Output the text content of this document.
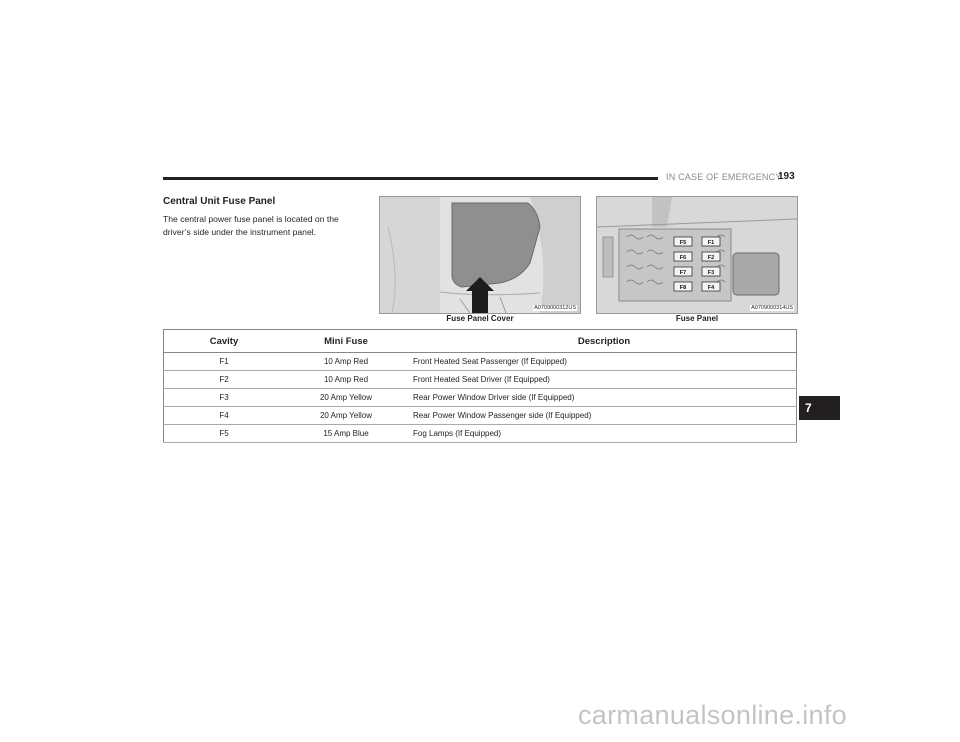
IN CASE OF EMERGENCY
193
Central Unit Fuse Panel
The central power fuse panel is located on the driver’s side under the instrument panel.
A0709000312US
Fuse Panel Cover
F5	F1
F6	F2
F7	F3
F8	F4
A0709000314US
Fuse Panel
Cavity	Mini Fuse	Description
F1	10 Amp Red	Front Heated Seat Passenger (If Equipped)
F2	10 Amp Red	Front Heated Seat Driver (If Equipped)
F3	20 Amp Yellow	Rear Power Window Driver side (If Equipped)
F4	20 Amp Yellow	Rear Power Window Passenger side (If Equipped)
F5	15 Amp Blue	Fog Lamps (If Equipped)
7
carmanualsonline.info
